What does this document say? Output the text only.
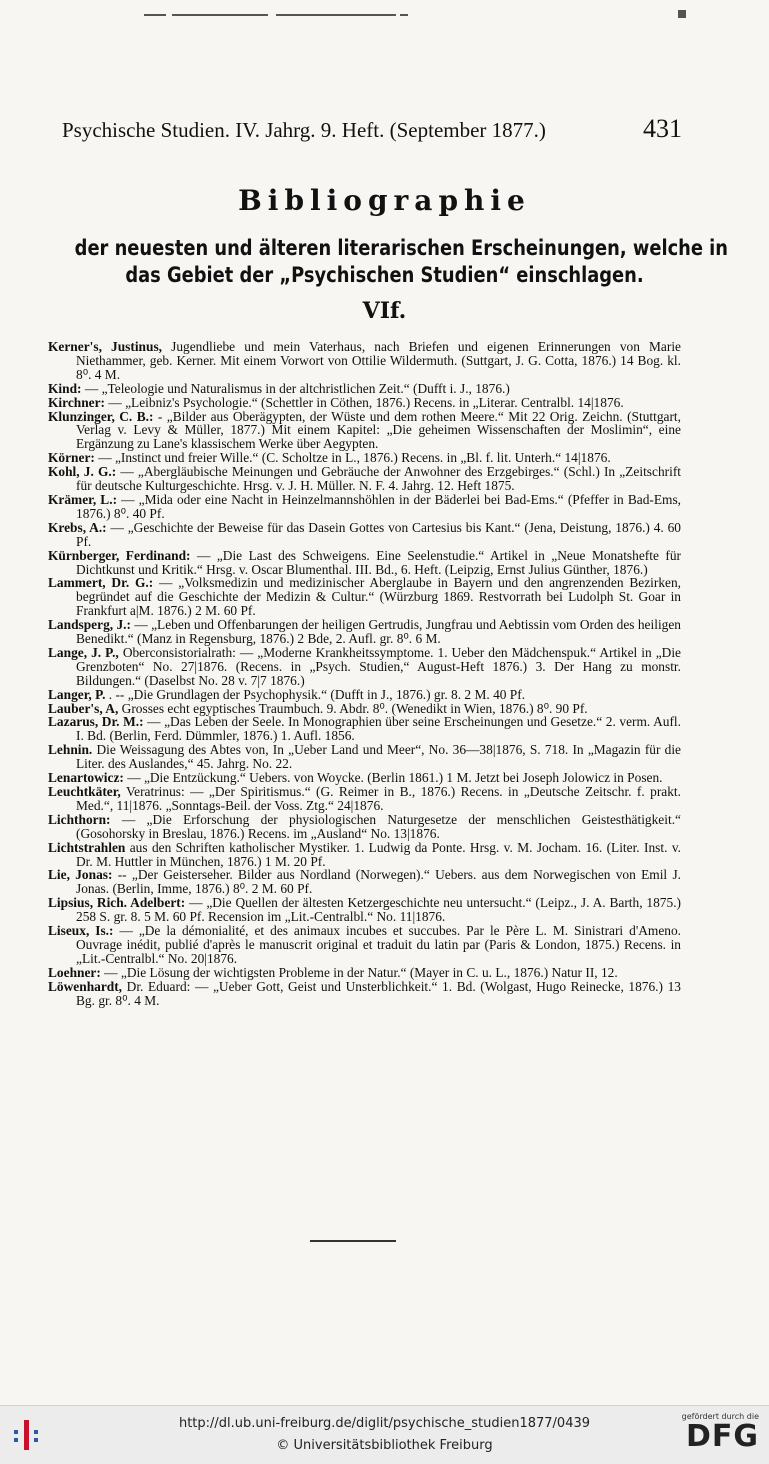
Psychische Studien. IV. Jahrg. 9. Heft. (September 1877.)	431
Bibliographie
der neuesten und älteren literarischen Erscheinungen, welche in
das Gebiet der „Psychischen Studien“ einschlagen.
VIf.

Kerner's, Justinus, Jugendliebe und mein Vaterhaus, nach Briefen und eigenen Erinnerungen von Marie Niethammer, geb. Kerner. Mit einem Vorwort von Ottilie Wildermuth. (Suttgart, J. G. Cotta, 1876.) 14 Bog. kl. 8⁰. 4 M.

Kind: — „Teleologie und Naturalismus in der altchristlichen Zeit.“ (Dufft i. J., 1876.)

Kirchner: — „Leibniz's Psychologie.“ (Schettler in Cöthen, 1876.) Recens. in „Literar. Centralbl. 14|1876.

Klunzinger, C. B.: - „Bilder aus Oberägypten, der Wüste und dem rothen Meere.“ Mit 22 Orig. Zeichn. (Stuttgart, Verlag v. Levy & Müller, 1877.) Mit einem Kapitel: „Die geheimen Wissenschaften der Moslimin“, eine Ergänzung zu Lane's klassischem Werke über Aegypten.

Körner: — „Instinct und freier Wille.“ (C. Scholtze in L., 1876.) Recens. in „Bl. f. lit. Unterh.“ 14|1876.

Kohl, J. G.: — „Abergläubische Meinungen und Gebräuche der Anwohner des Erzgebirges.“ (Schl.) In „Zeitschrift für deutsche Kulturgeschichte. Hrsg. v. J. H. Müller. N. F. 4. Jahrg. 12. Heft 1875.

Krämer, L.: — „Mida oder eine Nacht in Heinzelmannshöhlen in der Bäderlei bei Bad-Ems.“ (Pfeffer in Bad-Ems, 1876.) 8⁰. 40 Pf.

Krebs, A.: — „Geschichte der Beweise für das Dasein Gottes von Cartesius bis Kant.“ (Jena, Deistung, 1876.) 4. 60 Pf.

Kürnberger, Ferdinand: — „Die Last des Schweigens. Eine Seelenstudie.“ Artikel in „Neue Monatshefte für Dichtkunst und Kritik.“ Hrsg. v. Oscar Blumenthal. III. Bd., 6. Heft. (Leipzig, Ernst Julius Günther, 1876.)

Lammert, Dr. G.: — „Volksmedizin und medizinischer Aberglaube in Bayern und den angrenzenden Bezirken, begründet auf die Geschichte der Medizin & Cultur.“ (Würzburg 1869. Restvorrath bei Ludolph St. Goar in Frankfurt a|M. 1876.) 2 M. 60 Pf.

Landsperg, J.: — „Leben und Offenbarungen der heiligen Gertrudis, Jungfrau und Aebtissin vom Orden des heiligen Benedikt.“ (Manz in Regensburg, 1876.) 2 Bde, 2. Aufl. gr. 8⁰. 6 M.

Lange, J. P., Oberconsistorialrath: — „Moderne Krankheitssymptome. 1. Ueber den Mädchenspuk.“ Artikel in „Die Grenzboten“ No. 27|1876. (Recens. in „Psych. Studien,“ August-Heft 1876.) 3. Der Hang zu monstr. Bildungen.“ (Daselbst No. 28 v. 7|7 1876.)

Langer, P. . -- „Die Grundlagen der Psychophysik.“ (Dufft in J., 1876.) gr. 8. 2 M. 40 Pf.

Lauber's, A, Grosses echt egyptisches Traumbuch. 9. Abdr. 8⁰. (Wenedikt in Wien, 1876.) 8⁰. 90 Pf.

Lazarus, Dr. M.: — „Das Leben der Seele. In Monographien über seine Erscheinungen und Gesetze.“ 2. verm. Aufl. I. Bd. (Berlin, Ferd. Dümmler, 1876.) 1. Aufl. 1856.

Lehnin. Die Weissagung des Abtes von, In „Ueber Land und Meer“, No. 36—38|1876, S. 718. In „Magazin für die Liter. des Auslandes,“ 45. Jahrg. No. 22.

Lenartowicz: — „Die Entzückung.“ Uebers. von Woycke. (Berlin 1861.) 1 M. Jetzt bei Joseph Jolowicz in Posen.

Leuchtkäter, Veratrinus: — „Der Spiritismus.“ (G. Reimer in B., 1876.) Recens. in „Deutsche Zeitschr. f. prakt. Med.“, 11|1876. „Sonntags-Beil. der Voss. Ztg.“ 24|1876.

Lichthorn: — „Die Erforschung der physiologischen Naturgesetze der menschlichen Geistesthätigkeit.“ (Gosohorsky in Breslau, 1876.) Recens. im „Ausland“ No. 13|1876.

Lichtstrahlen aus den Schriften katholischer Mystiker. 1. Ludwig da Ponte. Hrsg. v. M. Jocham. 16. (Liter. Inst. v. Dr. M. Huttler in München, 1876.) 1 M. 20 Pf.

Lie, Jonas: -- „Der Geisterseher. Bilder aus Nordland (Norwegen).“ Uebers. aus dem Norwegischen von Emil J. Jonas. (Berlin, Imme, 1876.) 8⁰. 2 M. 60 Pf.

Lipsius, Rich. Adelbert: — „Die Quellen der ältesten Ketzergeschichte neu untersucht.“ (Leipz., J. A. Barth, 1875.) 258 S. gr. 8. 5 M. 60 Pf. Recension im „Lit.-Centralbl.“ No. 11|1876.

Liseux, Is.: — „De la démonialité, et des animaux incubes et succubes. Par le Père L. M. Sinistrari d'Ameno. Ouvrage inédit, publié d'après le manuscrit original et traduit du latin par (Paris & London, 1875.) Recens. in „Lit.-Centralbl.“ No. 20|1876.

Loehner: — „Die Lösung der wichtigsten Probleme in der Natur.“ (Mayer in C. u. L., 1876.) Natur II, 12.

Löwenhardt, Dr. Eduard: — „Ueber Gott, Geist und Unsterblichkeit.“ 1. Bd. (Wolgast, Hugo Reinecke, 1876.) 13 Bg. gr. 8⁰. 4 M.

http://dl.ub.uni-freiburg.de/diglit/psychische_studien1877/0439
© Universitätsbibliothek Freiburg
gefördert durch die
DFG
